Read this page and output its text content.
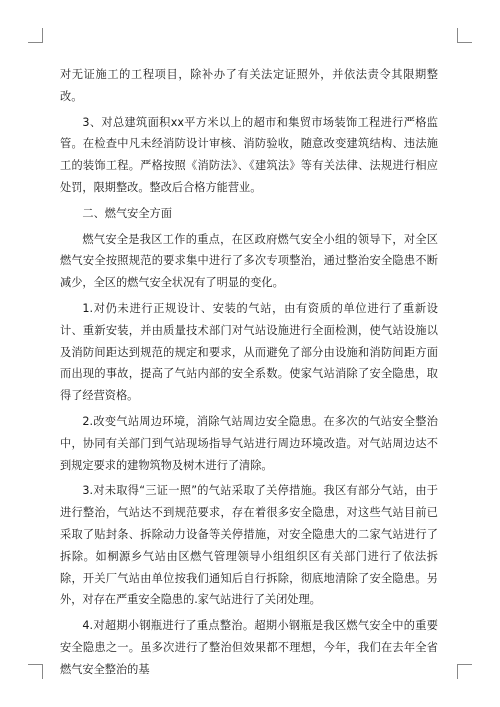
对无证施工的工程项目，除补办了有关法定证照外，并依法责令其限期整改。

3、对总建筑面积xx平方米以上的超市和集贸市场装饰工程进行严格监管。在检查中凡未经消防设计审核、消防验收，随意改变建筑结构、违法施工的装饰工程。严格按照《消防法》、《建筑法》等有关法律、法规进行相应处罚，限期整改。整改后合格方能营业。

二、燃气安全方面

燃气安全是我区工作的重点，在区政府燃气安全小组的领导下，对全区燃气安全按照规范的要求集中进行了多次专项整治，通过整治安全隐患不断减少，全区的燃气安全状况有了明显的变化。

1.对仍未进行正规设计、安装的气站，由有资质的单位进行了重新设计、重新安装，并由质量技术部门对气站设施进行全面检测，使气站设施以及消防间距达到规范的规定和要求，从而避免了部分由设施和消防间距方面而出现的事故，提高了气站内部的安全系数。使家气站消除了安全隐患，取得了经营资格。

2.改变气站周边环境，消除气站周边安全隐患。在多次的气站安全整治中，协同有关部门到气站现场指导气站进行周边环境改造。对气站周边达不到规定要求的建物筑物及树木进行了清除。

3.对未取得“三证一照”的气站采取了关停措施。我区有部分气站，由于进行整治，气站达不到规范要求，存在着很多安全隐患，对这些气站目前已采取了贴封条、拆除动力设备等关停措施，对安全隐患大的二家气站进行了拆除。如桐源乡气站由区燃气管理领导小组组织区有关部门进行了依法拆除，开关厂气站由单位按我们通知后自行拆除，彻底地清除了安全隐患。另外，对存在严重安全隐患的.家气站进行了关闭处理。

4.对超期小钢瓶进行了重点整治。超期小钢瓶是我区燃气安全中的重要安全隐患之一。虽多次进行了整治但效果都不理想，今年，我们在去年全省燃气安全整治的基
